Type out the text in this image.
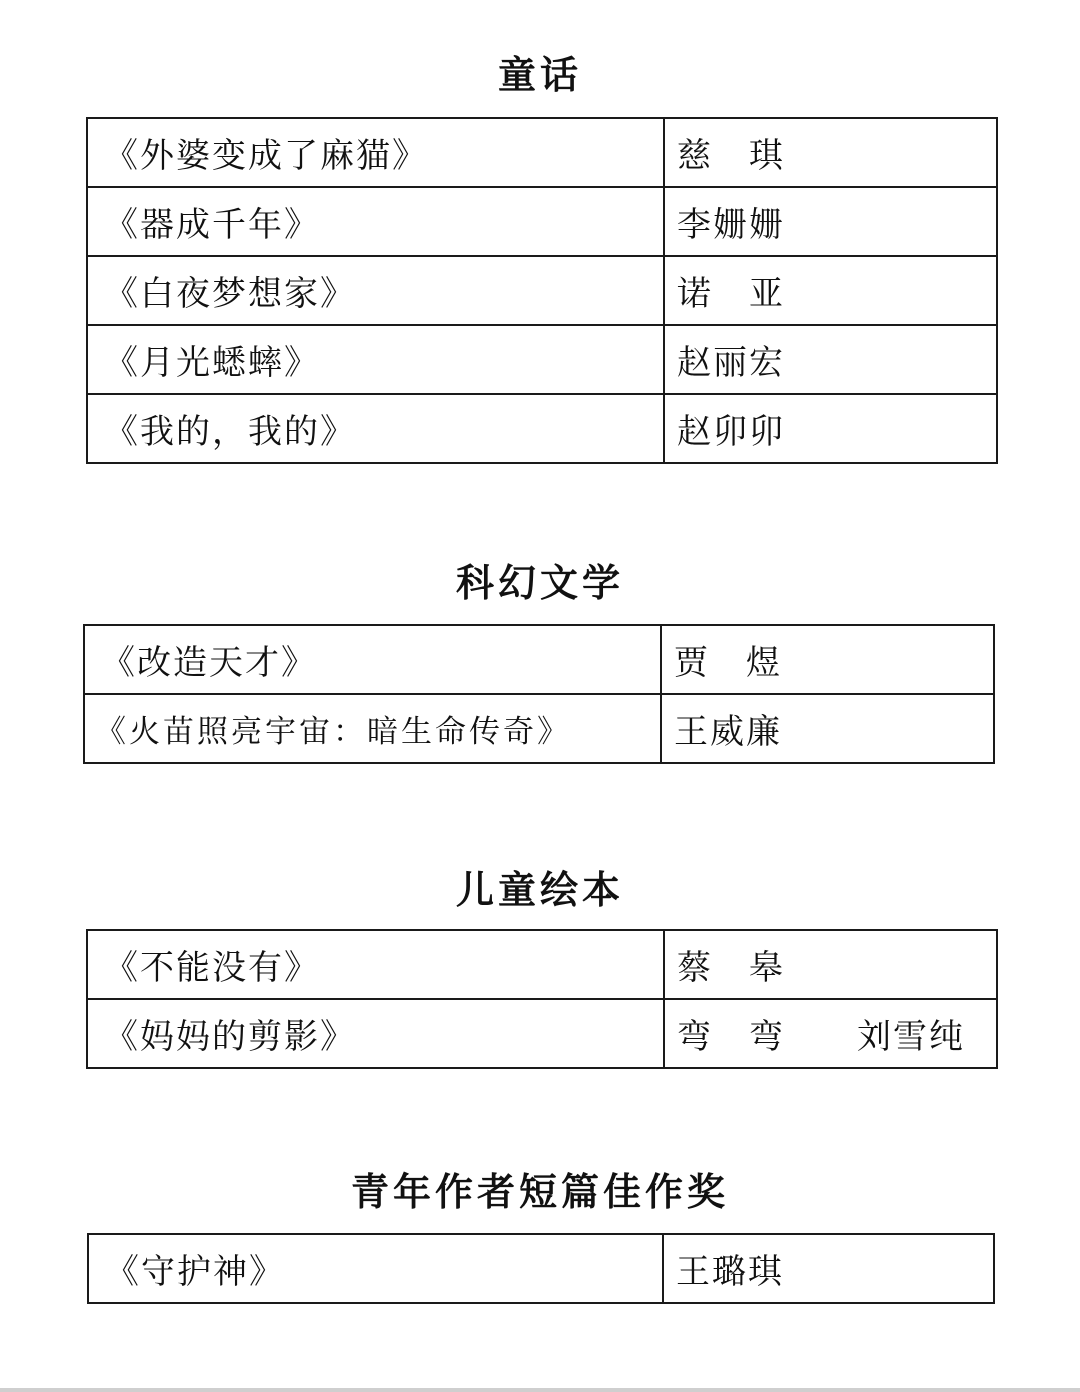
童话
《外婆变成了麻猫》	慈　琪
《器成千年》	李姗姗
《白夜梦想家》	诺　亚
《月光蟋蟀》	赵丽宏
《我的，我的》	赵卯卯
科幻文学
《改造天才》	贾　煜
《火苗照亮宇宙：暗生命传奇》	王威廉
儿童绘本
《不能没有》	蔡　皋
《妈妈的剪影》	弯　弯　　刘雪纯
青年作者短篇佳作奖
《守护神》	王璐琪
